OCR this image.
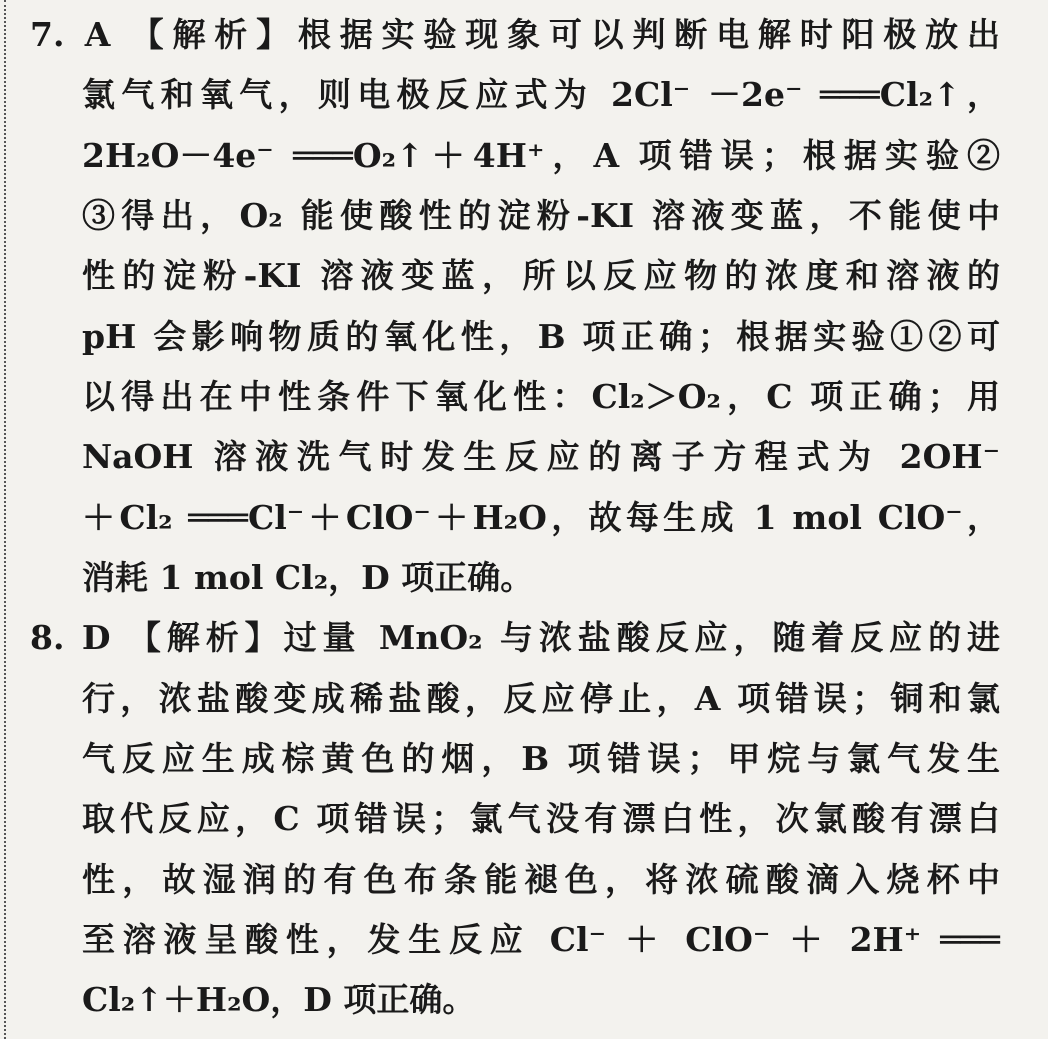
7. A 【解析】根据实验现象可以判断电解时阳极放出
氯气和氧气，则电极反应式为 2Cl⁻ －2e⁻ ═══Cl₂↑，
2H₂O－4e⁻ ═══O₂↑＋4H⁺，A 项错误；根据实验②
③得出，O₂ 能使酸性的淀粉-KI 溶液变蓝，不能使中
性的淀粉-KI 溶液变蓝，所以反应物的浓度和溶液的
pH 会影响物质的氧化性，B 项正确；根据实验①②可
以得出在中性条件下氧化性：Cl₂＞O₂，C 项正确；用
NaOH 溶液洗气时发生反应的离子方程式为 2OH⁻
＋Cl₂ ═══Cl⁻＋ClO⁻＋H₂O，故每生成 1 mol ClO⁻，
消耗 1 mol Cl₂，D 项正确。
8. D 【解析】过量 MnO₂ 与浓盐酸反应，随着反应的进
行，浓盐酸变成稀盐酸，反应停止，A 项错误；铜和氯
气反应生成棕黄色的烟，B 项错误；甲烷与氯气发生
取代反应，C 项错误；氯气没有漂白性，次氯酸有漂白
性，故湿润的有色布条能褪色，将浓硫酸滴入烧杯中
至溶液呈酸性，发生反应 Cl⁻ ＋ ClO⁻ ＋ 2H⁺ ═══
Cl₂↑＋H₂O，D 项正确。
